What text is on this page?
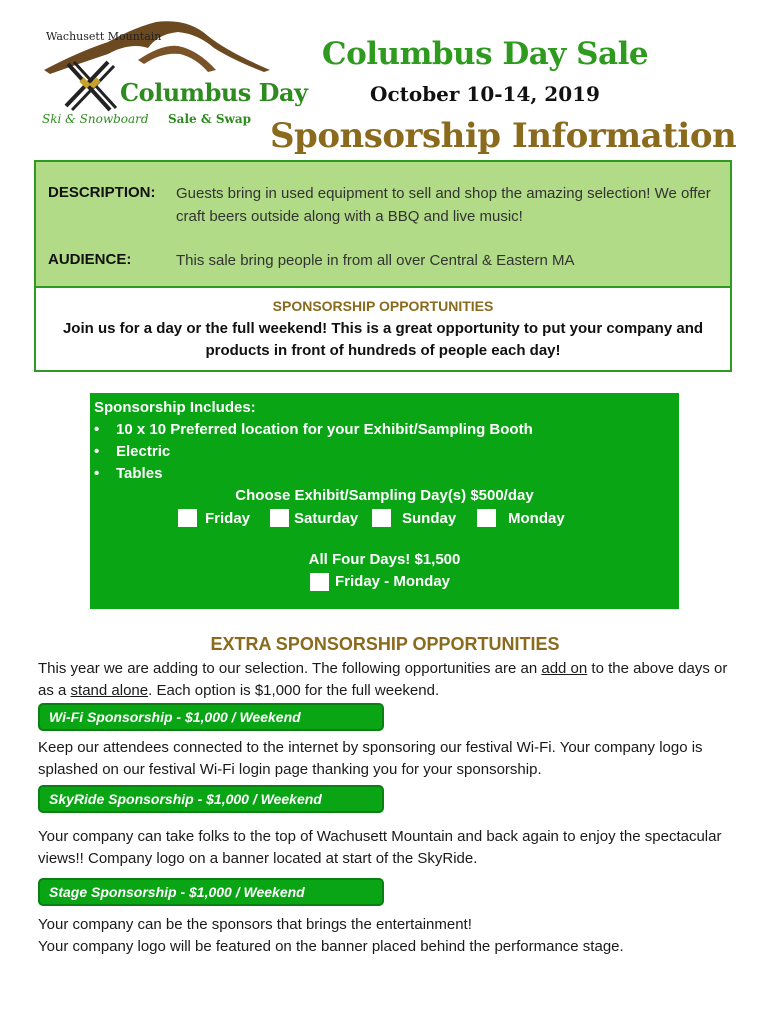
Wachusett Mountain
Columbus Day
Ski & Snowboard Sale & Swap
Columbus Day Sale
October 10-14, 2019
Sponsorship Information
DESCRIPTION: Guests bring in used equipment to sell and shop the amazing selection! We offer craft beers outside along with a BBQ and live music!
AUDIENCE:	This sale bring people in from all over Central & Eastern MA
SPONSORSHIP OPPORTUNITIES
Join us for a day or the full weekend! This is a great opportunity to put your company and products in front of hundreds of people each day!
Sponsorship Includes:
• 10 x 10 Preferred location for your Exhibit/Sampling Booth
• Electric
• Tables
Choose Exhibit/Sampling Day(s) $500/day
Friday	Saturday	Sunday	Monday
All Four Days! $1,500
Friday - Monday
EXTRA SPONSORSHIP OPPORTUNITIES
This year we are adding to our selection. The following opportunities are an add on to the above days or as a stand alone. Each option is $1,000 for the full weekend.
Wi-Fi Sponsorship - $1,000 / Weekend
Keep our attendees connected to the internet by sponsoring our festival Wi-Fi. Your company logo is splashed on our festival Wi-Fi login page thanking you for your sponsorship.
SkyRide Sponsorship - $1,000 / Weekend
Your company can take folks to the top of Wachusett Mountain and back again to enjoy the spectacular views!! Company logo on a banner located at start of the SkyRide.
Stage Sponsorship - $1,000 / Weekend
Your company can be the sponsors that brings the entertainment!
Your company logo will be featured on the banner placed behind the performance stage.
